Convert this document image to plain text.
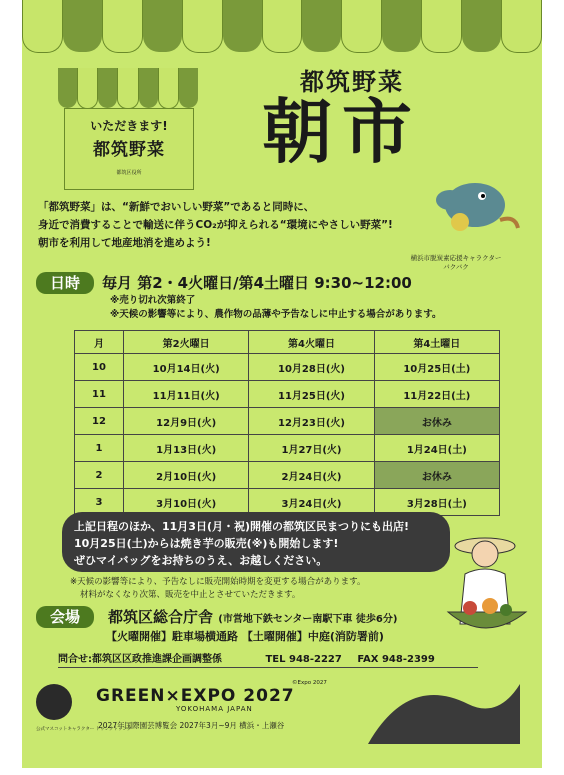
いただきます!
都筑野菜
都筑区役所
都筑野菜
朝市
「都筑野菜」は、“新鮮でおいしい野菜”であると同時に、
身近で消費することで輸送に伴うCO₂が抑えられる“環境にやさしい野菜”!
朝市を利用して地産地消を進めよう!
横浜市脱炭素応援キャラクター
バクバク
日時	毎月 第2・4火曜日/第4土曜日 9:30~12:00
※売り切れ次第終了
※天候の影響等により、農作物の品薄や予告なしに中止する場合があります。
月	第2火曜日	第4火曜日	第4土曜日
10	10月14日(火)	10月28日(火)	10月25日(土)
11	11月11日(火)	11月25日(火)	11月22日(土)
12	12月9日(火)	12月23日(火)	お休み
1	1月13日(火)	1月27日(火)	1月24日(土)
2	2月10日(火)	2月24日(火)	お休み
3	3月10日(火)	3月24日(火)	3月28日(土)
上記日程のほか、11月3日(月・祝)開催の都筑区民まつりにも出店!
10月25日(土)からは焼き芋の販売(※)も開始します!
ぜひマイバッグをお持ちのうえ、お越しください。
※天候の影響等により、予告なしに販売開始時期を変更する場合があります。
材料がなくなり次第、販売を中止とさせていただきます。
会場	都筑区総合庁舎 (市営地下鉄センター南駅下車 徒歩6分)
【火曜開催】駐車場横通路 【土曜開催】中庭(消防署前)
問合せ:都筑区区政推進課企画調整係	TEL 948-2227 FAX 948-2399
GREEN×EXPO 2027
©Expo 2027
YOKOHAMA JAPAN
2027年国際園芸博覧会 2027年3月~9月 横浜・上瀬谷
公式マスコットキャラクター トゥンクトゥンク
